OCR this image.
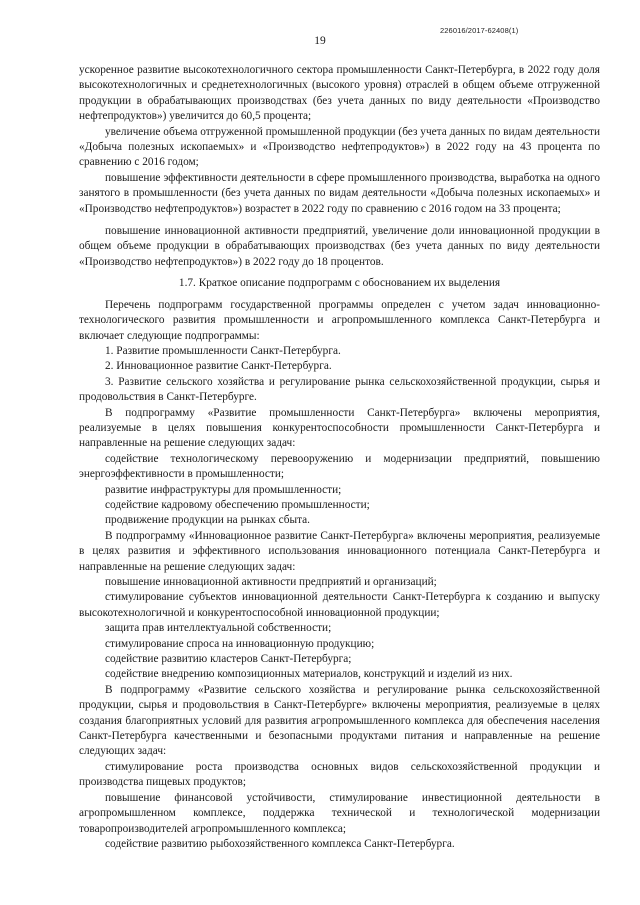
226016/2017-62408(1)
19

ускоренное развитие высокотехнологичного сектора промышленности Санкт-Петербурга, в 2022 году доля высокотехнологичных и среднетехнологичных (высокого уровня) отраслей в общем объеме отгруженной продукции в обрабатывающих производствах (без учета данных по виду деятельности «Производство нефтепродуктов») увеличится до 60,5 процента;

увеличение объема отгруженной промышленной продукции (без учета данных по видам деятельности «Добыча полезных ископаемых» и «Производство нефтепродуктов») в 2022 году на 43 процента по сравнению с 2016 годом;

повышение эффективности деятельности в сфере промышленного производства, выработка на одного занятого в промышленности (без учета данных по видам деятельности «Добыча полезных ископаемых» и «Производство нефтепродуктов») возрастет в 2022 году по сравнению с 2016 годом на 33 процента;

повышение инновационной активности предприятий, увеличение доли инновационной продукции в общем объеме продукции в обрабатывающих производствах (без учета данных по виду деятельности «Производство нефтепродуктов») в 2022 году до 18 процентов.

1.7. Краткое описание подпрограмм с обоснованием их выделения

Перечень подпрограмм государственной программы определен с учетом задач инновационно-технологического развития промышленности и агропромышленного комплекса Санкт-Петербурга и включает следующие подпрограммы:

1. Развитие промышленности Санкт-Петербурга.

2. Инновационное развитие Санкт-Петербурга.

3. Развитие сельского хозяйства и регулирование рынка сельскохозяйственной продукции, сырья и продовольствия в Санкт-Петербурге.

В подпрограмму «Развитие промышленности Санкт-Петербурга» включены мероприятия, реализуемые в целях повышения конкурентоспособности промышленности Санкт-Петербурга и направленные на решение следующих задач:

содействие технологическому перевооружению и модернизации предприятий, повышению энергоэффективности в промышленности;

развитие инфраструктуры для промышленности;

содействие кадровому обеспечению промышленности;

продвижение продукции на рынках сбыта.

В подпрограмму «Инновационное развитие Санкт-Петербурга» включены мероприятия, реализуемые в целях развития и эффективного использования инновационного потенциала Санкт-Петербурга и направленные на решение следующих задач:

повышение инновационной активности предприятий и организаций;

стимулирование субъектов инновационной деятельности Санкт-Петербурга к созданию и выпуску высокотехнологичной и конкурентоспособной инновационной продукции;

защита прав интеллектуальной собственности;

стимулирование спроса на инновационную продукцию;

содействие развитию кластеров Санкт-Петербурга;

содействие внедрению композиционных материалов, конструкций и изделий из них.

В подпрограмму «Развитие сельского хозяйства и регулирование рынка сельскохозяйственной продукции, сырья и продовольствия в Санкт-Петербурге» включены мероприятия, реализуемые в целях создания благоприятных условий для развития агропромышленного комплекса для обеспечения населения Санкт-Петербурга качественными и безопасными продуктами питания и направленные на решение следующих задач:

стимулирование роста производства основных видов сельскохозяйственной продукции и производства пищевых продуктов;

повышение финансовой устойчивости, стимулирование инвестиционной деятельности в агропромышленном комплексе, поддержка технической и технологической модернизации товаропроизводителей агропромышленного комплекса;

содействие развитию рыбохозяйственного комплекса Санкт-Петербурга.
